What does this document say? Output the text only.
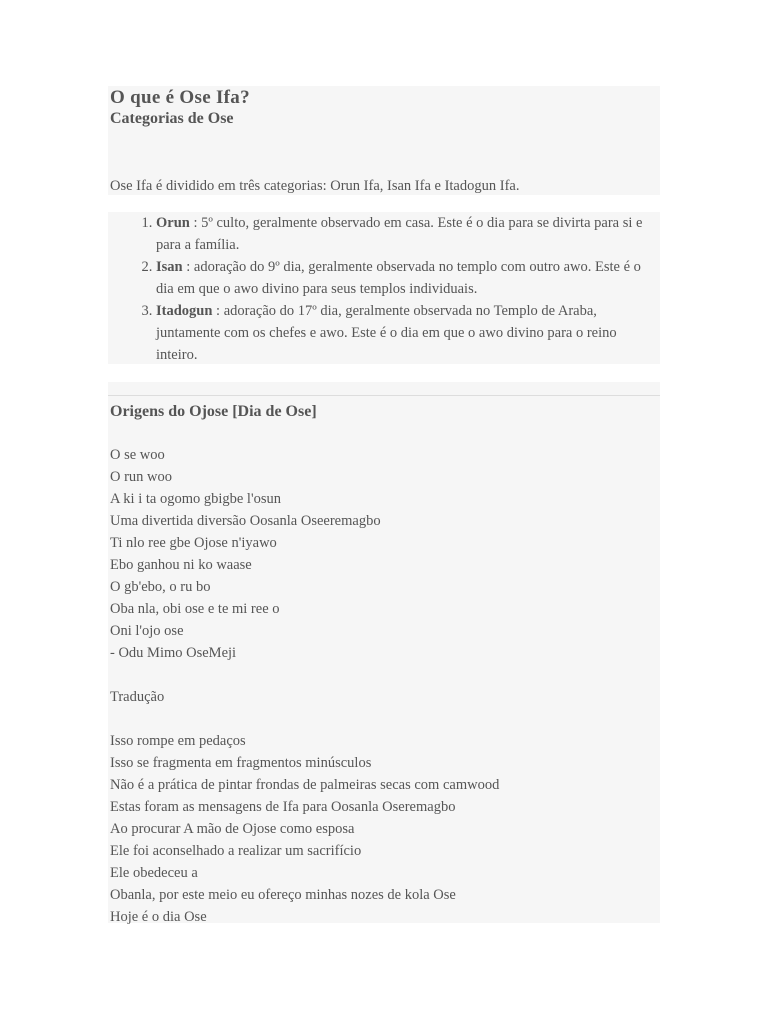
O que é Ose Ifa?
Categorias de Ose

Ose Ifa é dividido em três categorias: Orun Ifa, Isan Ifa e Itadogun Ifa.

1. Orun : 5º culto, geralmente observado em casa. Este é o dia para se divirta para si e para a família.
2. Isan : adoração do 9º dia, geralmente observada no templo com outro awo. Este é o dia em que o awo divino para seus templos individuais.
3. Itadogun : adoração do 17º dia, geralmente observada no Templo de Araba, juntamente com os chefes e awo. Este é o dia em que o awo divino para o reino inteiro.
Origens do Ojose [Dia de Ose]
O se woo
O run woo
A ki i ta ogomo gbigbe l'osun
Uma divertida diversão Oosanla Oseeremagbo
Ti nlo ree gbe Ojose n'iyawo
Ebo ganhou ni ko waase
O gb'ebo, o ru bo
Oba nla, obi ose e te mi ree o
Oni l'ojo ose
- Odu Mimo OseMeji
Tradução
Isso rompe em pedaços
Isso se fragmenta em fragmentos minúsculos
Não é a prática de pintar frondas de palmeiras secas com camwood
Estas foram as mensagens de Ifa para Oosanla Oseremagbo
Ao procurar A mão de Ojose como esposa
Ele foi aconselhado a realizar um sacrifício
Ele obedeceu a
Obanla, por este meio eu ofereço minhas nozes de kola Ose
Hoje é o dia Ose
